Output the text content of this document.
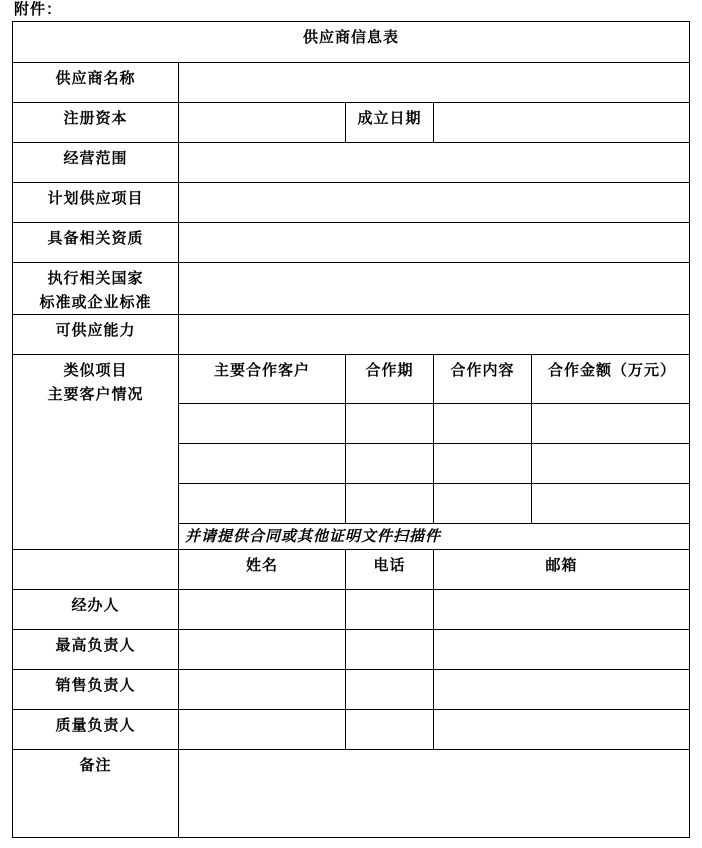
附件：
供应商信息表				

供应商名称				

注册资本		成立日期		

经营范围				

计划供应项目				

具备相关资质				

执行相关国家
标准或企业标准				

可供应能力				

类似项目
主要客户情况	主要合作客户	合作期	合作内容	合作金额（万元）

	并请提供合同或其他证明文件扫描件			

	姓名	电话	邮箱	

经办人				

最高负责人				

销售负责人				

质量负责人				

备注				
